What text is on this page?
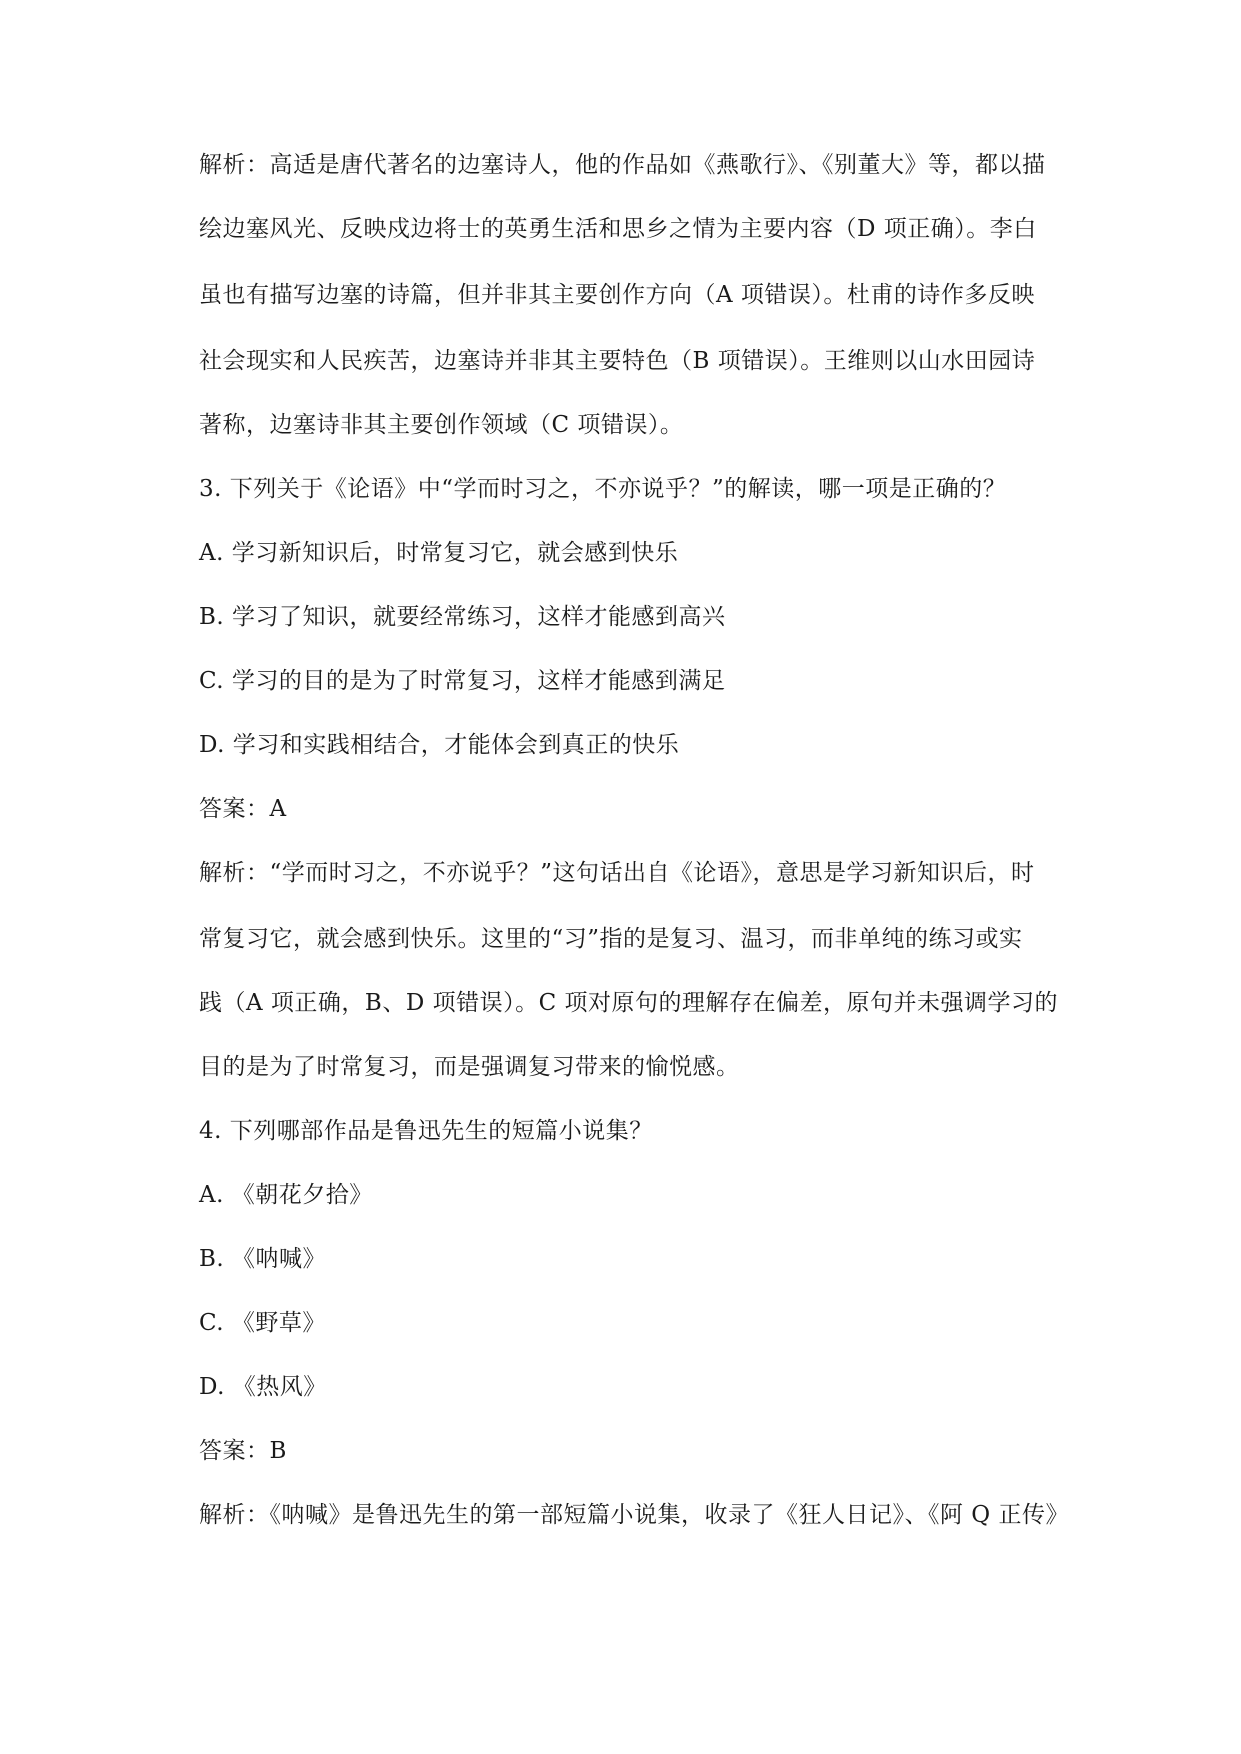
解析：高适是唐代著名的边塞诗人，他的作品如《燕歌行》、《别董大》等，都以描
绘边塞风光、反映戍边将士的英勇生活和思乡之情为主要内容（D 项正确）。李白
虽也有描写边塞的诗篇，但并非其主要创作方向（A 项错误）。杜甫的诗作多反映
社会现实和人民疾苦，边塞诗并非其主要特色（B 项错误）。王维则以山水田园诗
著称，边塞诗非其主要创作领域（C 项错误）。
3. 下列关于《论语》中“学而时习之，不亦说乎？”的解读，哪一项是正确的？
A. 学习新知识后，时常复习它，就会感到快乐
B. 学习了知识，就要经常练习，这样才能感到高兴
C. 学习的目的是为了时常复习，这样才能感到满足
D. 学习和实践相结合，才能体会到真正的快乐
答案：A
解析：“学而时习之，不亦说乎？”这句话出自《论语》，意思是学习新知识后，时
常复习它，就会感到快乐。这里的“习”指的是复习、温习，而非单纯的练习或实
践（A 项正确，B、D 项错误）。C 项对原句的理解存在偏差，原句并未强调学习的
目的是为了时常复习，而是强调复习带来的愉悦感。
4. 下列哪部作品是鲁迅先生的短篇小说集？
A. 《朝花夕拾》
B. 《呐喊》
C. 《野草》
D. 《热风》
答案：B
解析：《呐喊》是鲁迅先生的第一部短篇小说集，收录了《狂人日记》、《阿 Q 正传》
